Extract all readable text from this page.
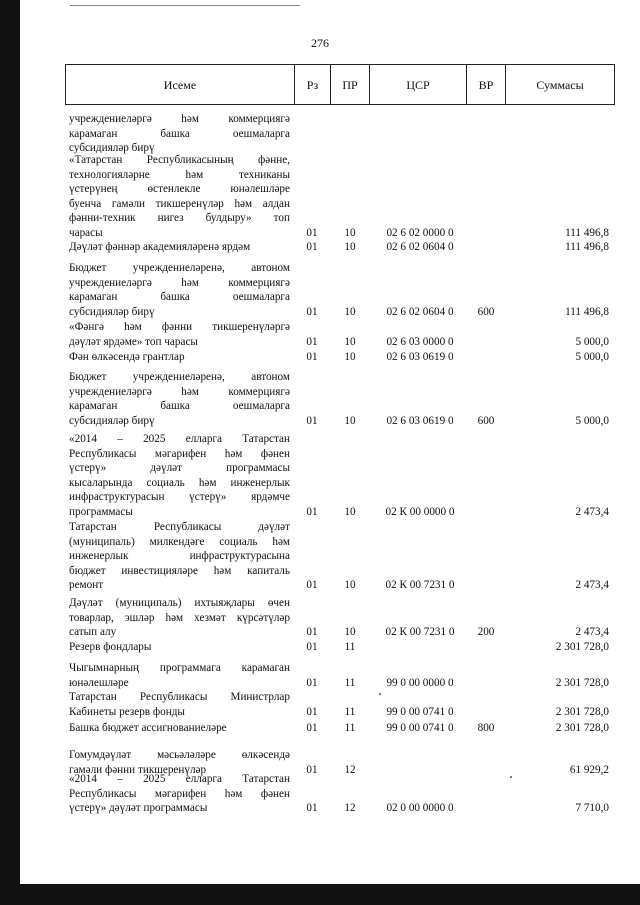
276
Исеме	Рз	ПР	ЦСР	ВР	Суммасы
учреждениеләргә һәм коммерциягә
карамаган башка оешмаларга
субсидияләр бирү
«Татарстан Республикасының фәнне,
технологияләрне һәм техниканы
үстерүнең өстенлекле юнәлешләре
буенча гамәли тикшеренүләр һәм алдан
фәнни-техник нигез булдыру» топ
чарасы	01	10	02 6 02 0000 0	111 496,8
Дәүләт фәннәр академияләренә ярдәм	01	10	02 6 02 0604 0	111 496,8
Бюджет учреждениеләренә, автоном
учреждениеләргә һәм коммерциягә
карамаган башка оешмаларга
субсидияләр бирү	01	10	02 6 02 0604 0	600	111 496,8
«Фәнгә һәм фәнни тикшеренүләргә
дәүләт ярдәме» топ чарасы	01	10	02 6 03 0000 0	5 000,0
Фән өлкәсендә грантлар	01	10	02 6 03 0619 0	5 000,0
Бюджет учреждениеләренә, автоном
учреждениеләргә һәм коммерциягә
карамаган башка оешмаларга
субсидияләр бирү	01	10	02 6 03 0619 0	600	5 000,0
«2014 – 2025 елларга Татарстан
Республикасы мәгарифен һәм фәнен
үстерү» дәүләт программасы
кысаларында социаль һәм инженерлык
инфраструктурасын үстерү» ярдәмче
программасы	01	10	02 К 00 0000 0	2 473,4
Татарстан Республикасы дәүләт
(муниципаль) милкендәге социаль һәм
инженерлык инфраструктурасына
бюджет инвестицияләре һәм капиталь
ремонт	01	10	02 К 00 7231 0	2 473,4
Дәүләт (муниципаль) ихтыяҗлары өчен
товарлар, эшләр һәм хезмәт күрсәтүләр
сатып алу	01	10	02 К 00 7231 0	200	2 473,4
Резерв фондлары	01	11	2 301 728,0
Чыгымнарның программага карамаган
юнәлешләре	01	11	99 0 00 0000 0	2 301 728,0
Татарстан Республикасы Министрлар
Кабинеты резерв фонды	01	11	99 0 00 0741 0	2 301 728,0
Башка бюджет ассигнованиеләре	01	11	99 0 00 0741 0	800	2 301 728,0
Гомумдәүләт мәсьәләләре өлкәсендә
гамәли фәнни тикшеренүләр	01	12	61 929,2
«2014 – 2025 елларга Татарстан
Республикасы мәгарифен һәм фәнен
үстерү» дәүләт программасы	01	12	02 0 00 0000 0	7 710,0
